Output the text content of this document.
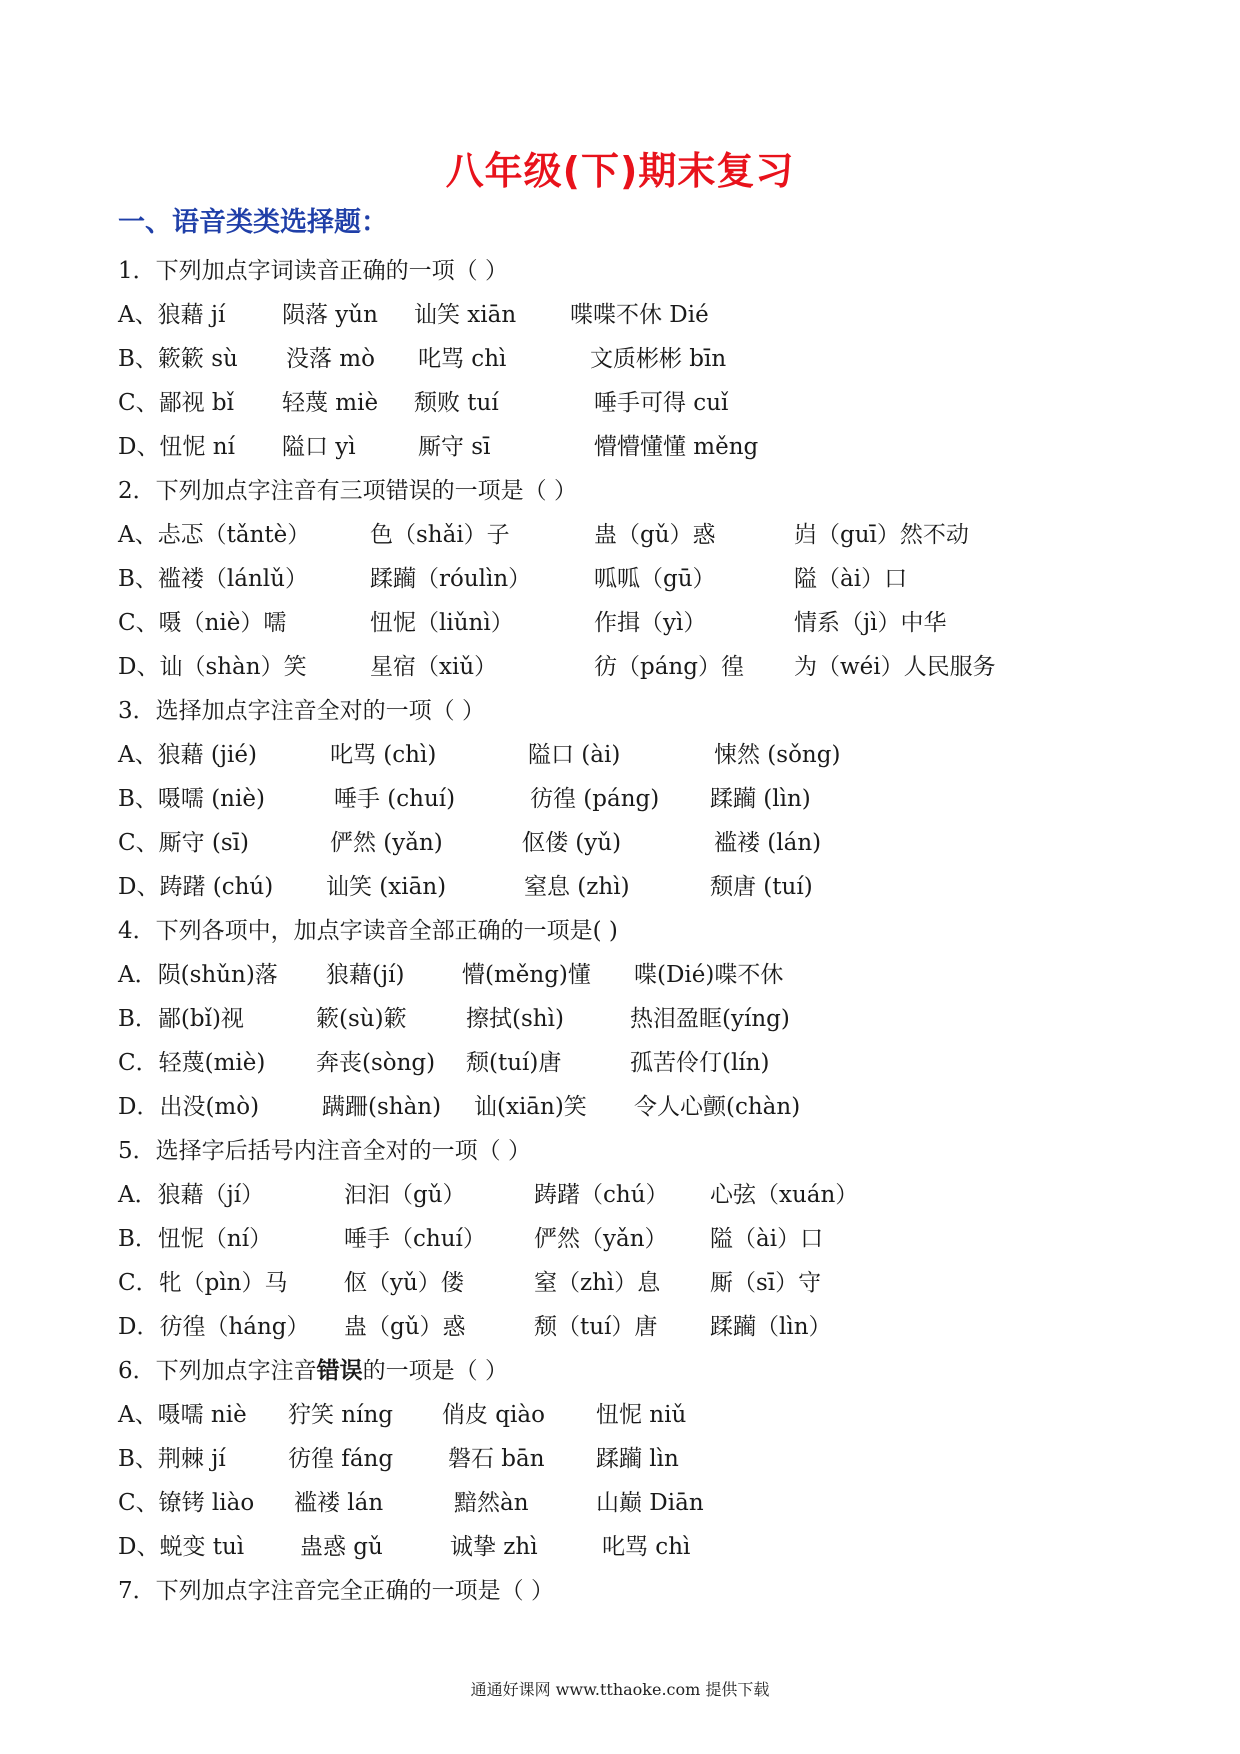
八年级(下)期末复习
一、语音类类选择题：
1．下列加点字词读音正确的一项（ ）
A、狼藉 jí 陨落 yǔn 讪笑 xiān 喋喋不休 Dié
B、簌簌 sù 没落 mò 叱骂 chì	文质彬彬 bīn
C、鄙视 bǐ 轻蔑 miè 颓败 tuí	唾手可得 cuǐ
D、忸怩 ní 隘口 yì	厮守 sī	懵懵懂懂 měng
2．下列加点字注音有三项错误的一项是（ ）
A、忐忑（tǎntè）	色（shǎi）子	蛊（gǔ）惑	岿（guī）然不动
B、褴褛（lánlǔ）	蹂躏（róulìn）	呱呱（gū）	隘（ài）口
C、嗫（niè）嚅	忸怩（liǔnì）	作揖（yì）	情系（jì）中华
D、讪（shàn）笑	星宿（xiǔ）	彷（páng）徨 为（wéi）人民服务
3．选择加点字注音全对的一项（ ）
A、狼藉 (jié)	叱骂 (chì)	隘口 (ài)	悚然 (sǒng)
B、嗫嚅 (niè)	唾手 (chuí)	彷徨 (páng) 蹂躏 (lìn)
C、厮守 (sī)	俨然 (yǎn)	伛偻 (yǔ)	褴褛 (lán)
D、踌躇 (chú) 讪笑 (xiān)	窒息 (zhì)	颓唐 (tuí)
4．下列各项中，加点字读音全部正确的一项是( )
A．陨(shǔn)落 狼藉(jí)	懵(měng)懂 喋(Dié)喋不休
B．鄙(bǐ)视	簌(sù)簌	擦拭(shì)	热泪盈眶(yíng)
C．轻蔑(miè) 奔丧(sòng) 颓(tuí)唐	孤苦伶仃(lín)
D．出没(mò)	蹒跚(shàn) 讪(xiān)笑 令人心颤(chàn)
5．选择字后括号内注音全对的一项（ ）
A．狼藉（jí）	汩汩（gǔ）	踌躇（chú） 心弦（xuán）
B．忸怩（ní）	唾手（chuí） 俨然（yǎn） 隘（ài）口
C．牝（pìn）马 伛（yǔ）偻	窒（zhì）息 厮（sī）守
D．彷徨（háng） 蛊（gǔ）惑	颓（tuí）唐 蹂躏（lìn）
6．下列加点字注音错误的一项是（ ）
A、嗫嚅 niè 狞笑 níng 俏皮 qiào 忸怩 niǔ
B、荆棘 jí	彷徨 fáng 磐石 bān 蹂躏 lìn
C、镣铐 liào 褴褛 lán	黯然àn	山巅 Diān
D、蜕变 tuì 蛊惑 gǔ	诚挚 zhì	叱骂 chì
7．下列加点字注音完全正确的一项是（ ）
通通好课网 www.tthaoke.com 提供下载
